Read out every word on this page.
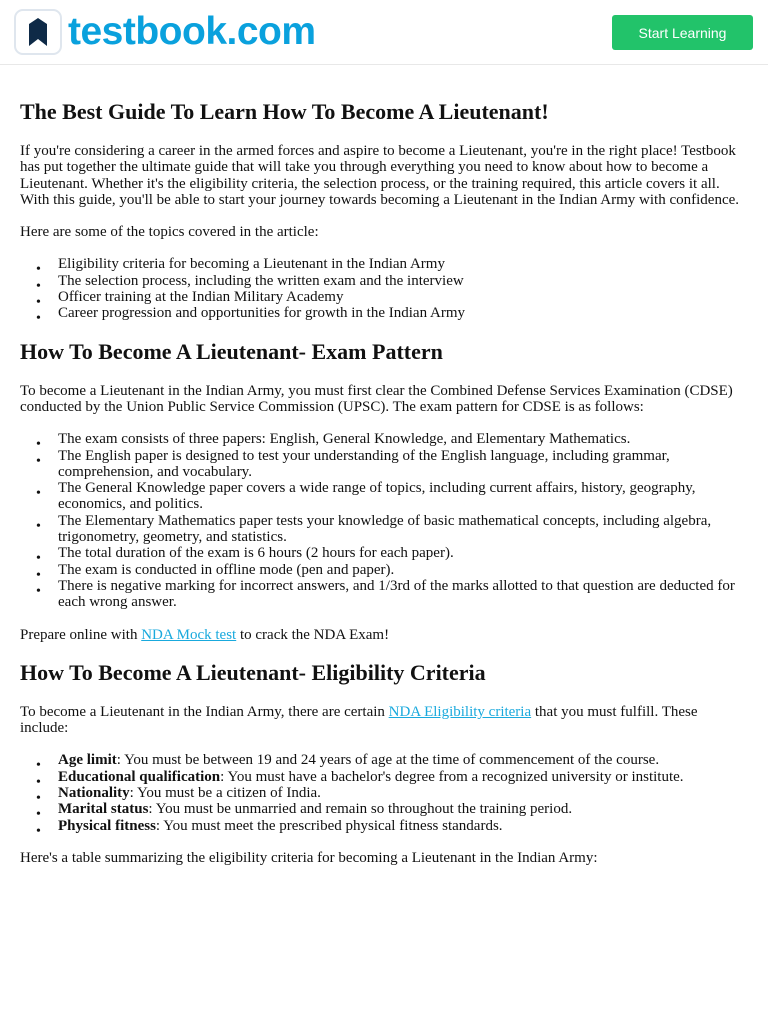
testbook.com	Start Learning
The Best Guide To Learn How To Become A Lieutenant!

If you're considering a career in the armed forces and aspire to become a Lieutenant, you're in the right place! Testbook has put together the ultimate guide that will take you through everything you need to know about how to become a Lieutenant. Whether it's the eligibility criteria, the selection process, or the training required, this article covers it all. With this guide, you'll be able to start your journey towards becoming a Lieutenant in the Indian Army with confidence.

Here are some of the topics covered in the article:

• Eligibility criteria for becoming a Lieutenant in the Indian Army
• The selection process, including the written exam and the interview
• Officer training at the Indian Military Academy
• Career progression and opportunities for growth in the Indian Army
How To Become A Lieutenant- Exam Pattern

To become a Lieutenant in the Indian Army, you must first clear the Combined Defense Services Examination (CDSE) conducted by the Union Public Service Commission (UPSC). The exam pattern for CDSE is as follows:

• The exam consists of three papers: English, General Knowledge, and Elementary Mathematics.
• The English paper is designed to test your understanding of the English language, including grammar, comprehension, and vocabulary.
• The General Knowledge paper covers a wide range of topics, including current affairs, history, geography, economics, and politics.
• The Elementary Mathematics paper tests your knowledge of basic mathematical concepts, including algebra, trigonometry, geometry, and statistics.
• The total duration of the exam is 6 hours (2 hours for each paper).
• The exam is conducted in offline mode (pen and paper).
• There is negative marking for incorrect answers, and 1/3rd of the marks allotted to that question are deducted for each wrong answer.

Prepare online with NDA Mock test to crack the NDA Exam!

How To Become A Lieutenant- Eligibility Criteria

To become a Lieutenant in the Indian Army, there are certain NDA Eligibility criteria that you must fulfill. These include:

• Age limit: You must be between 19 and 24 years of age at the time of commencement of the course.
• Educational qualification: You must have a bachelor's degree from a recognized university or institute.
• Nationality: You must be a citizen of India.
• Marital status: You must be unmarried and remain so throughout the training period.
• Physical fitness: You must meet the prescribed physical fitness standards.

Here's a table summarizing the eligibility criteria for becoming a Lieutenant in the Indian Army:
